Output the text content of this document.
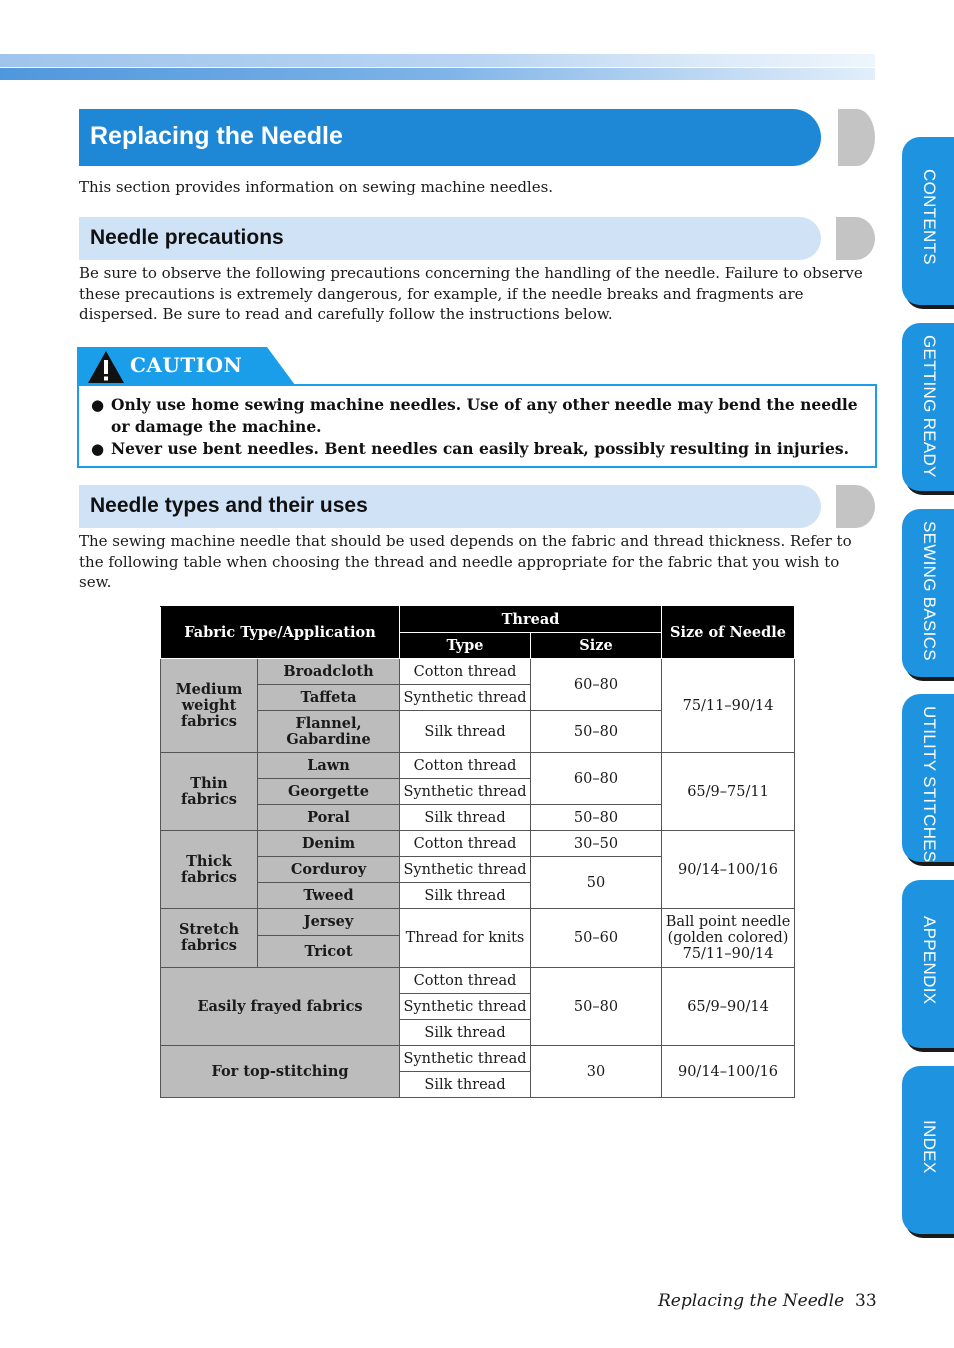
Replacing the Needle

This section provides information on sewing machine needles.

Needle precautions

Be sure to observe the following precautions concerning the handling of the needle. Failure to observe these precautions is extremely dangerous, for example, if the needle breaks and fragments are dispersed. Be sure to read and carefully follow the instructions below.

CAUTION
● Only use home sewing machine needles. Use of any other needle may bend the needle or damage the machine.
● Never use bent needles. Bent needles can easily break, possibly resulting in injuries.
Needle types and their uses

The sewing machine needle that should be used depends on the fabric and thread thickness. Refer to the following table when choosing the thread and needle appropriate for the fabric that you wish to sew.

Fabric Type/Application		Thread		Size of Needle
		Type	Size	
Medium weight fabrics	Broadcloth	Cotton thread	60–80	75/11–90/14
	Taffeta	Synthetic thread		
	Flannel, Gabardine	Silk thread	50–80	
Thin fabrics	Lawn	Cotton thread	60–80	65/9–75/11
	Georgette	Synthetic thread		
	Poral	Silk thread	50–80	
Thick fabrics	Denim	Cotton thread	30–50	90/14–100/16
	Corduroy	Synthetic thread	50	
	Tweed	Silk thread		
Stretch fabrics	Jersey	Thread for knits	50–60	Ball point needle (golden colored) 75/11–90/14
	Tricot			
Easily frayed fabrics		Cotton thread	50–80	65/9–90/14
		Synthetic thread		
		Silk thread		
For top-stitching		Synthetic thread	30	90/14–100/16
		Silk thread		
CONTENTS
GETTING READY
SEWING BASICS
UTILITY STITCHES
APPENDIX
INDEX
Replacing the Needle 33
